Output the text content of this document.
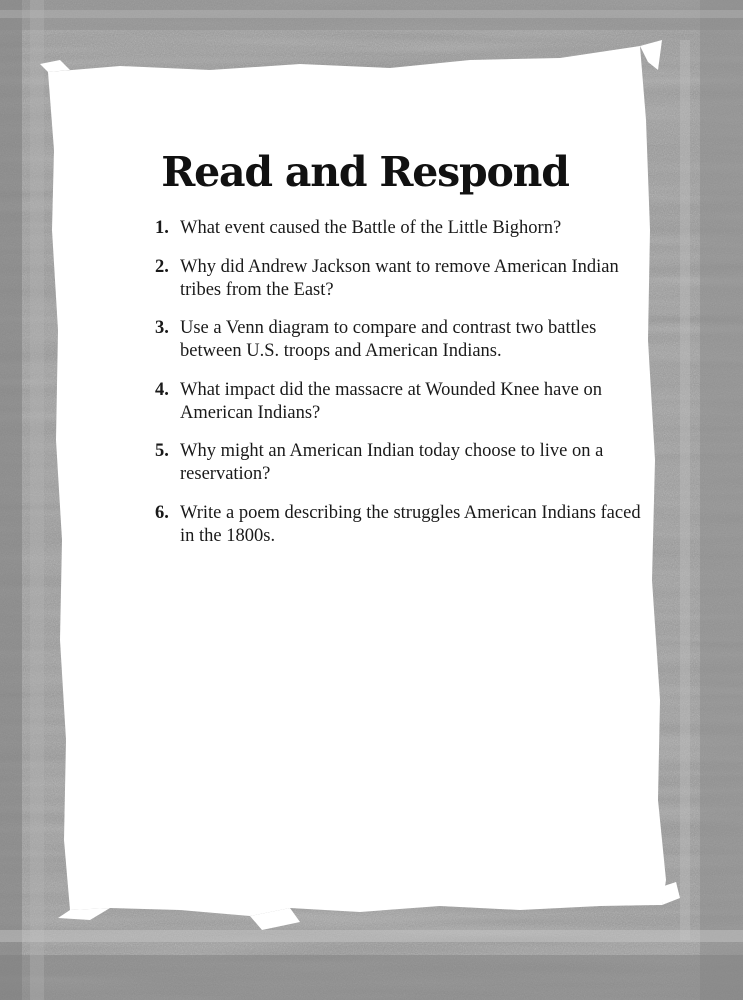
Read and Respond
1. What event caused the Battle of the Little Bighorn?
2. Why did Andrew Jackson want to remove American Indian tribes from the East?
3. Use a Venn diagram to compare and contrast two battles between U.S. troops and American Indians.
4. What impact did the massacre at Wounded Knee have on American Indians?
5. Why might an American Indian today choose to live on a reservation?
6. Write a poem describing the struggles American Indians faced in the 1800s.
